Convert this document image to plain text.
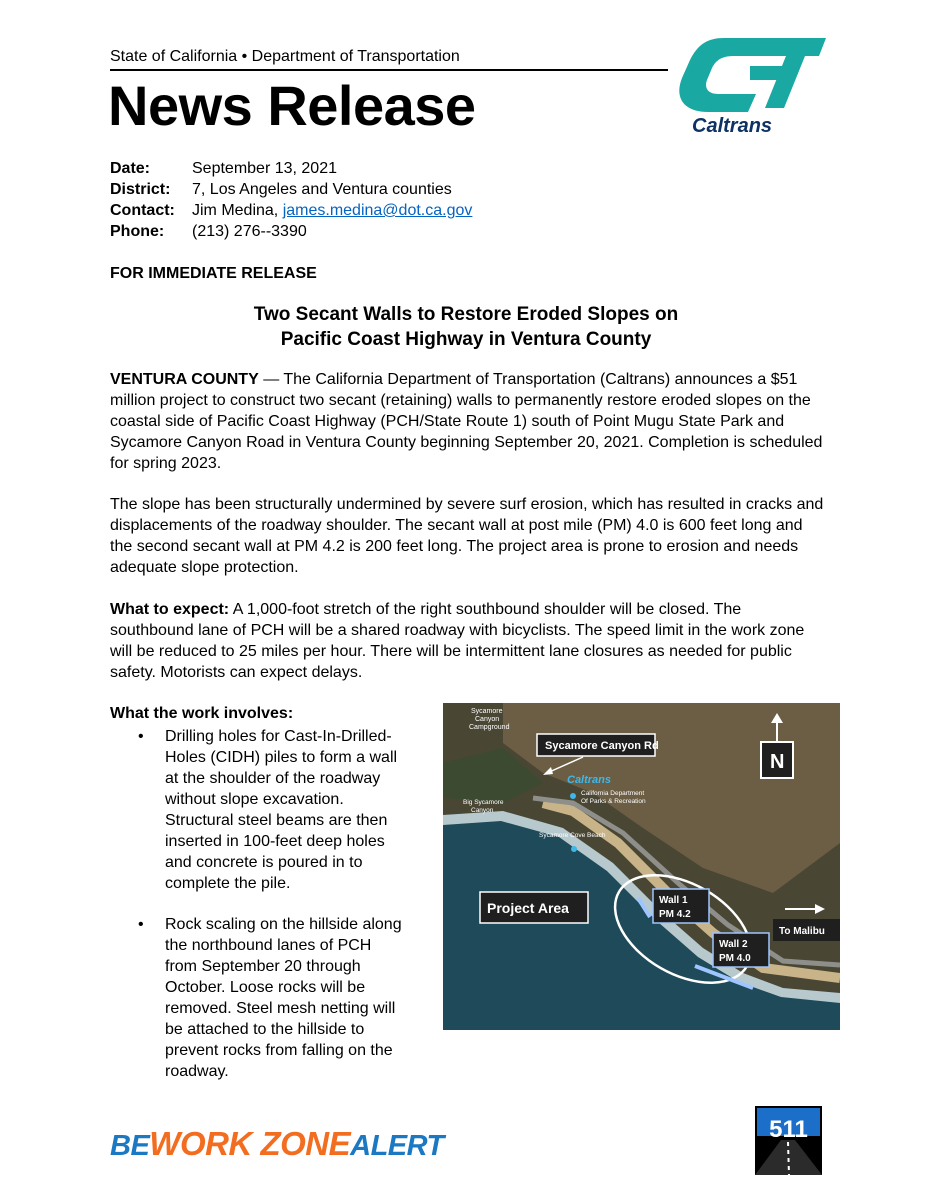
State of California • Department of Transportation
News Release	Caltrans
Date:	September 13, 2021
District: 7, Los Angeles and Ventura counties
Contact: Jim Medina, james.medina@dot.ca.gov
Phone: (213) 276--3390
FOR IMMEDIATE RELEASE
Two Secant Walls to Restore Eroded Slopes on
Pacific Coast Highway in Ventura County
VENTURA COUNTY — The California Department of Transportation (Caltrans) announces a $51 million project to construct two secant (retaining) walls to permanently restore eroded slopes on the coastal side of Pacific Coast Highway (PCH/State Route 1) south of Point Mugu State Park and Sycamore Canyon Road in Ventura County beginning September 20, 2021. Completion is scheduled for spring 2023.
The slope has been structurally undermined by severe surf erosion, which has resulted in cracks and displacements of the roadway shoulder. The secant wall at post mile (PM) 4.0 is 600 feet long and the second secant wall at PM 4.2 is 200 feet long. The project area is prone to erosion and needs adequate slope protection.
What to expect: A 1,000-foot stretch of the right southbound shoulder will be closed. The southbound lane of PCH will be a shared roadway with bicyclists. The speed limit in the work zone will be reduced to 25 miles per hour. There will be intermittent lane closures as needed for public safety. Motorists can expect delays.
What the work involves:
• Drilling holes for Cast-In-Drilled-Holes (CIDH) piles to form a wall at the shoulder of the roadway without slope excavation. Structural steel beams are then inserted in 100-feet deep holes and concrete is poured in to complete the pile.
• Rock scaling on the hillside along the northbound lanes of PCH from September 20 through October. Loose rocks will be removed. Steel mesh netting will be attached to the hillside to prevent rocks from falling on the roadway.
Sycamore
Canyon
Campground
Sycamore Canyon Rd
N
Caltrans
California Department
Of Parks & Recreation
Big Sycamore
Canyon
Sycamore Cove Beach
Project Area	Wall 1
PM 4.2
Wall 2
PM 4.0
To Malibu
BEWORK ZONEALERT
511
